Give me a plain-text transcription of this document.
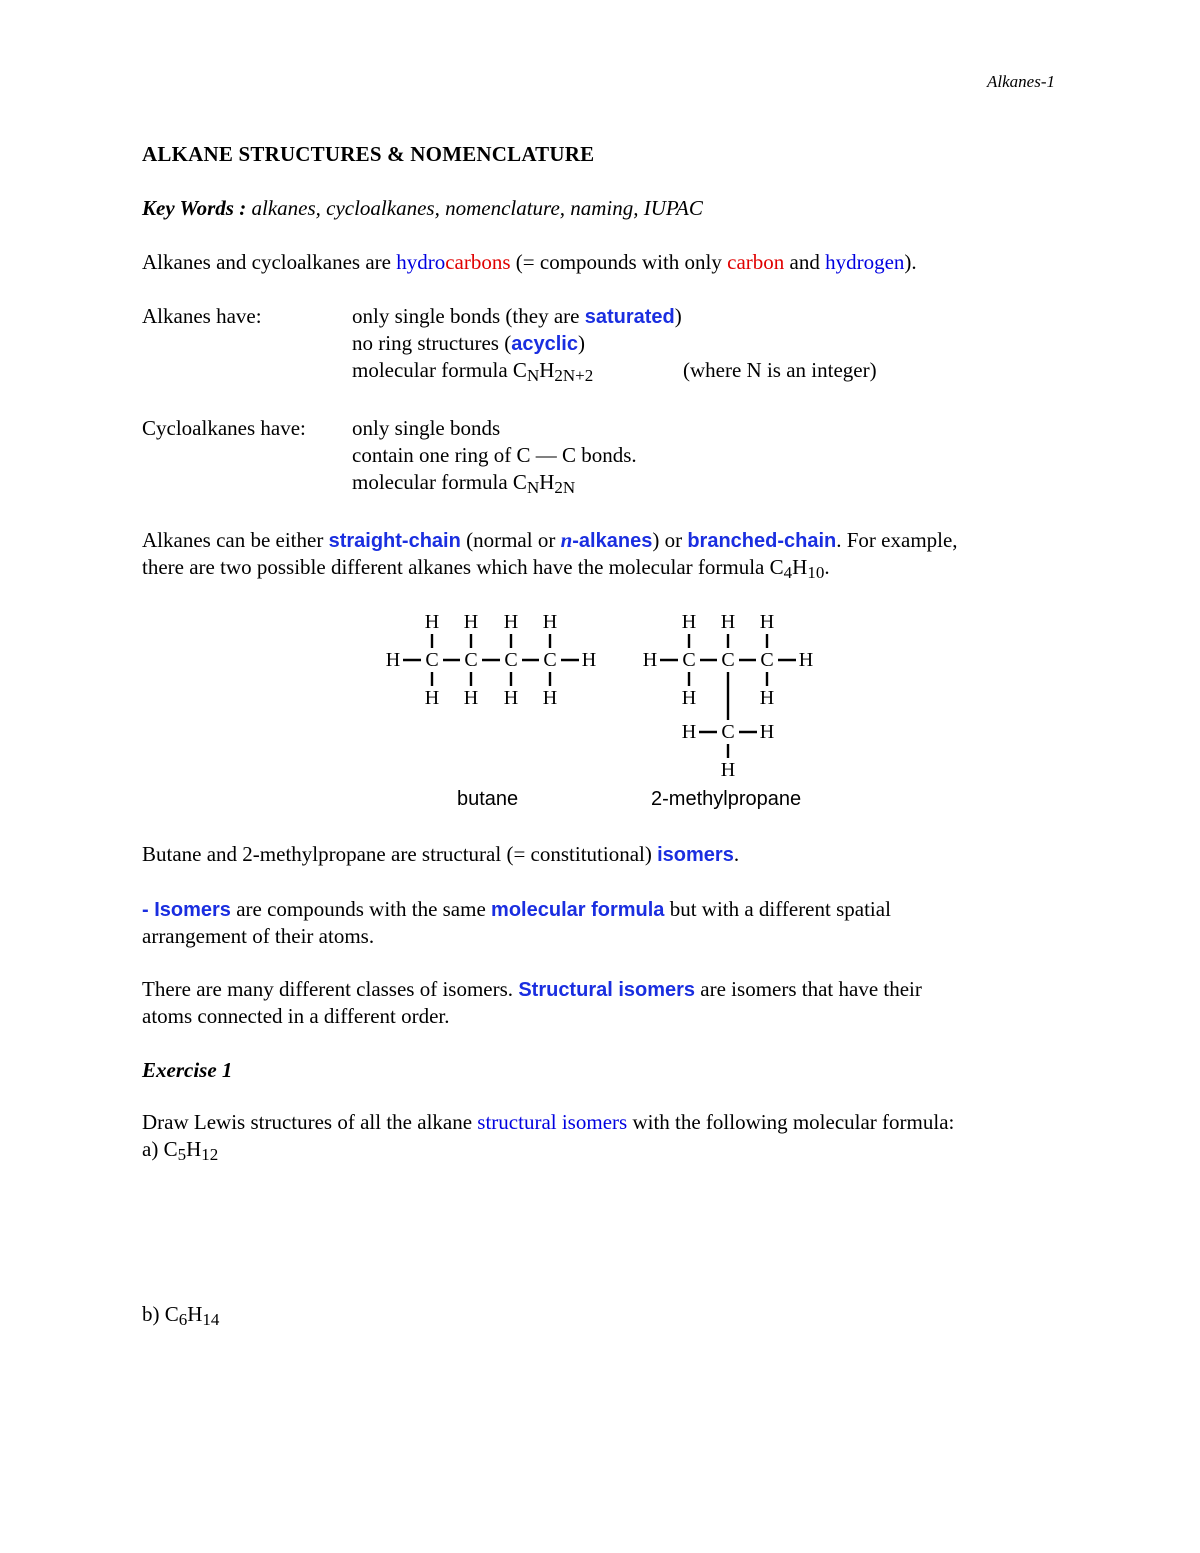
Alkanes-1
ALKANE STRUCTURES & NOMENCLATURE
Key Words : alkanes, cycloalkanes, nomenclature, naming, IUPAC
Alkanes and cycloalkanes are hydrocarbons (= compounds with only carbon and hydrogen).
Alkanes have:	only single bonds (they are saturated)
no ring structures (acyclic)
molecular formula $C_NH_{2N+2}$	(where N is an integer)
Cycloalkanes have: only single bonds
contain one ring of C — C bonds.
molecular formula $C_NH_{2N}$
Alkanes can be either straight-chain (normal or n-alkanes) or branched-chain. For example,
there are two possible different alkanes which have the molecular formula $C_4H_{10}$.
H C
H
H
C
H
H
C
H
H
C
H
H
H H C
H
H
C
H
C
H
H
H
C
H	H
H
butane	2-methylpropane
Butane and 2-methylpropane are structural (= constitutional) isomers.
- Isomers are compounds with the same molecular formula but with a different spatial
arrangement of their atoms.
There are many different classes of isomers. Structural isomers are isomers that have their
atoms connected in a different order.
Exercise 1
Draw Lewis structures of all the alkane structural isomers with the following molecular formula:
a) $C_5H_{12}$
b) $C_6H_{14}$
